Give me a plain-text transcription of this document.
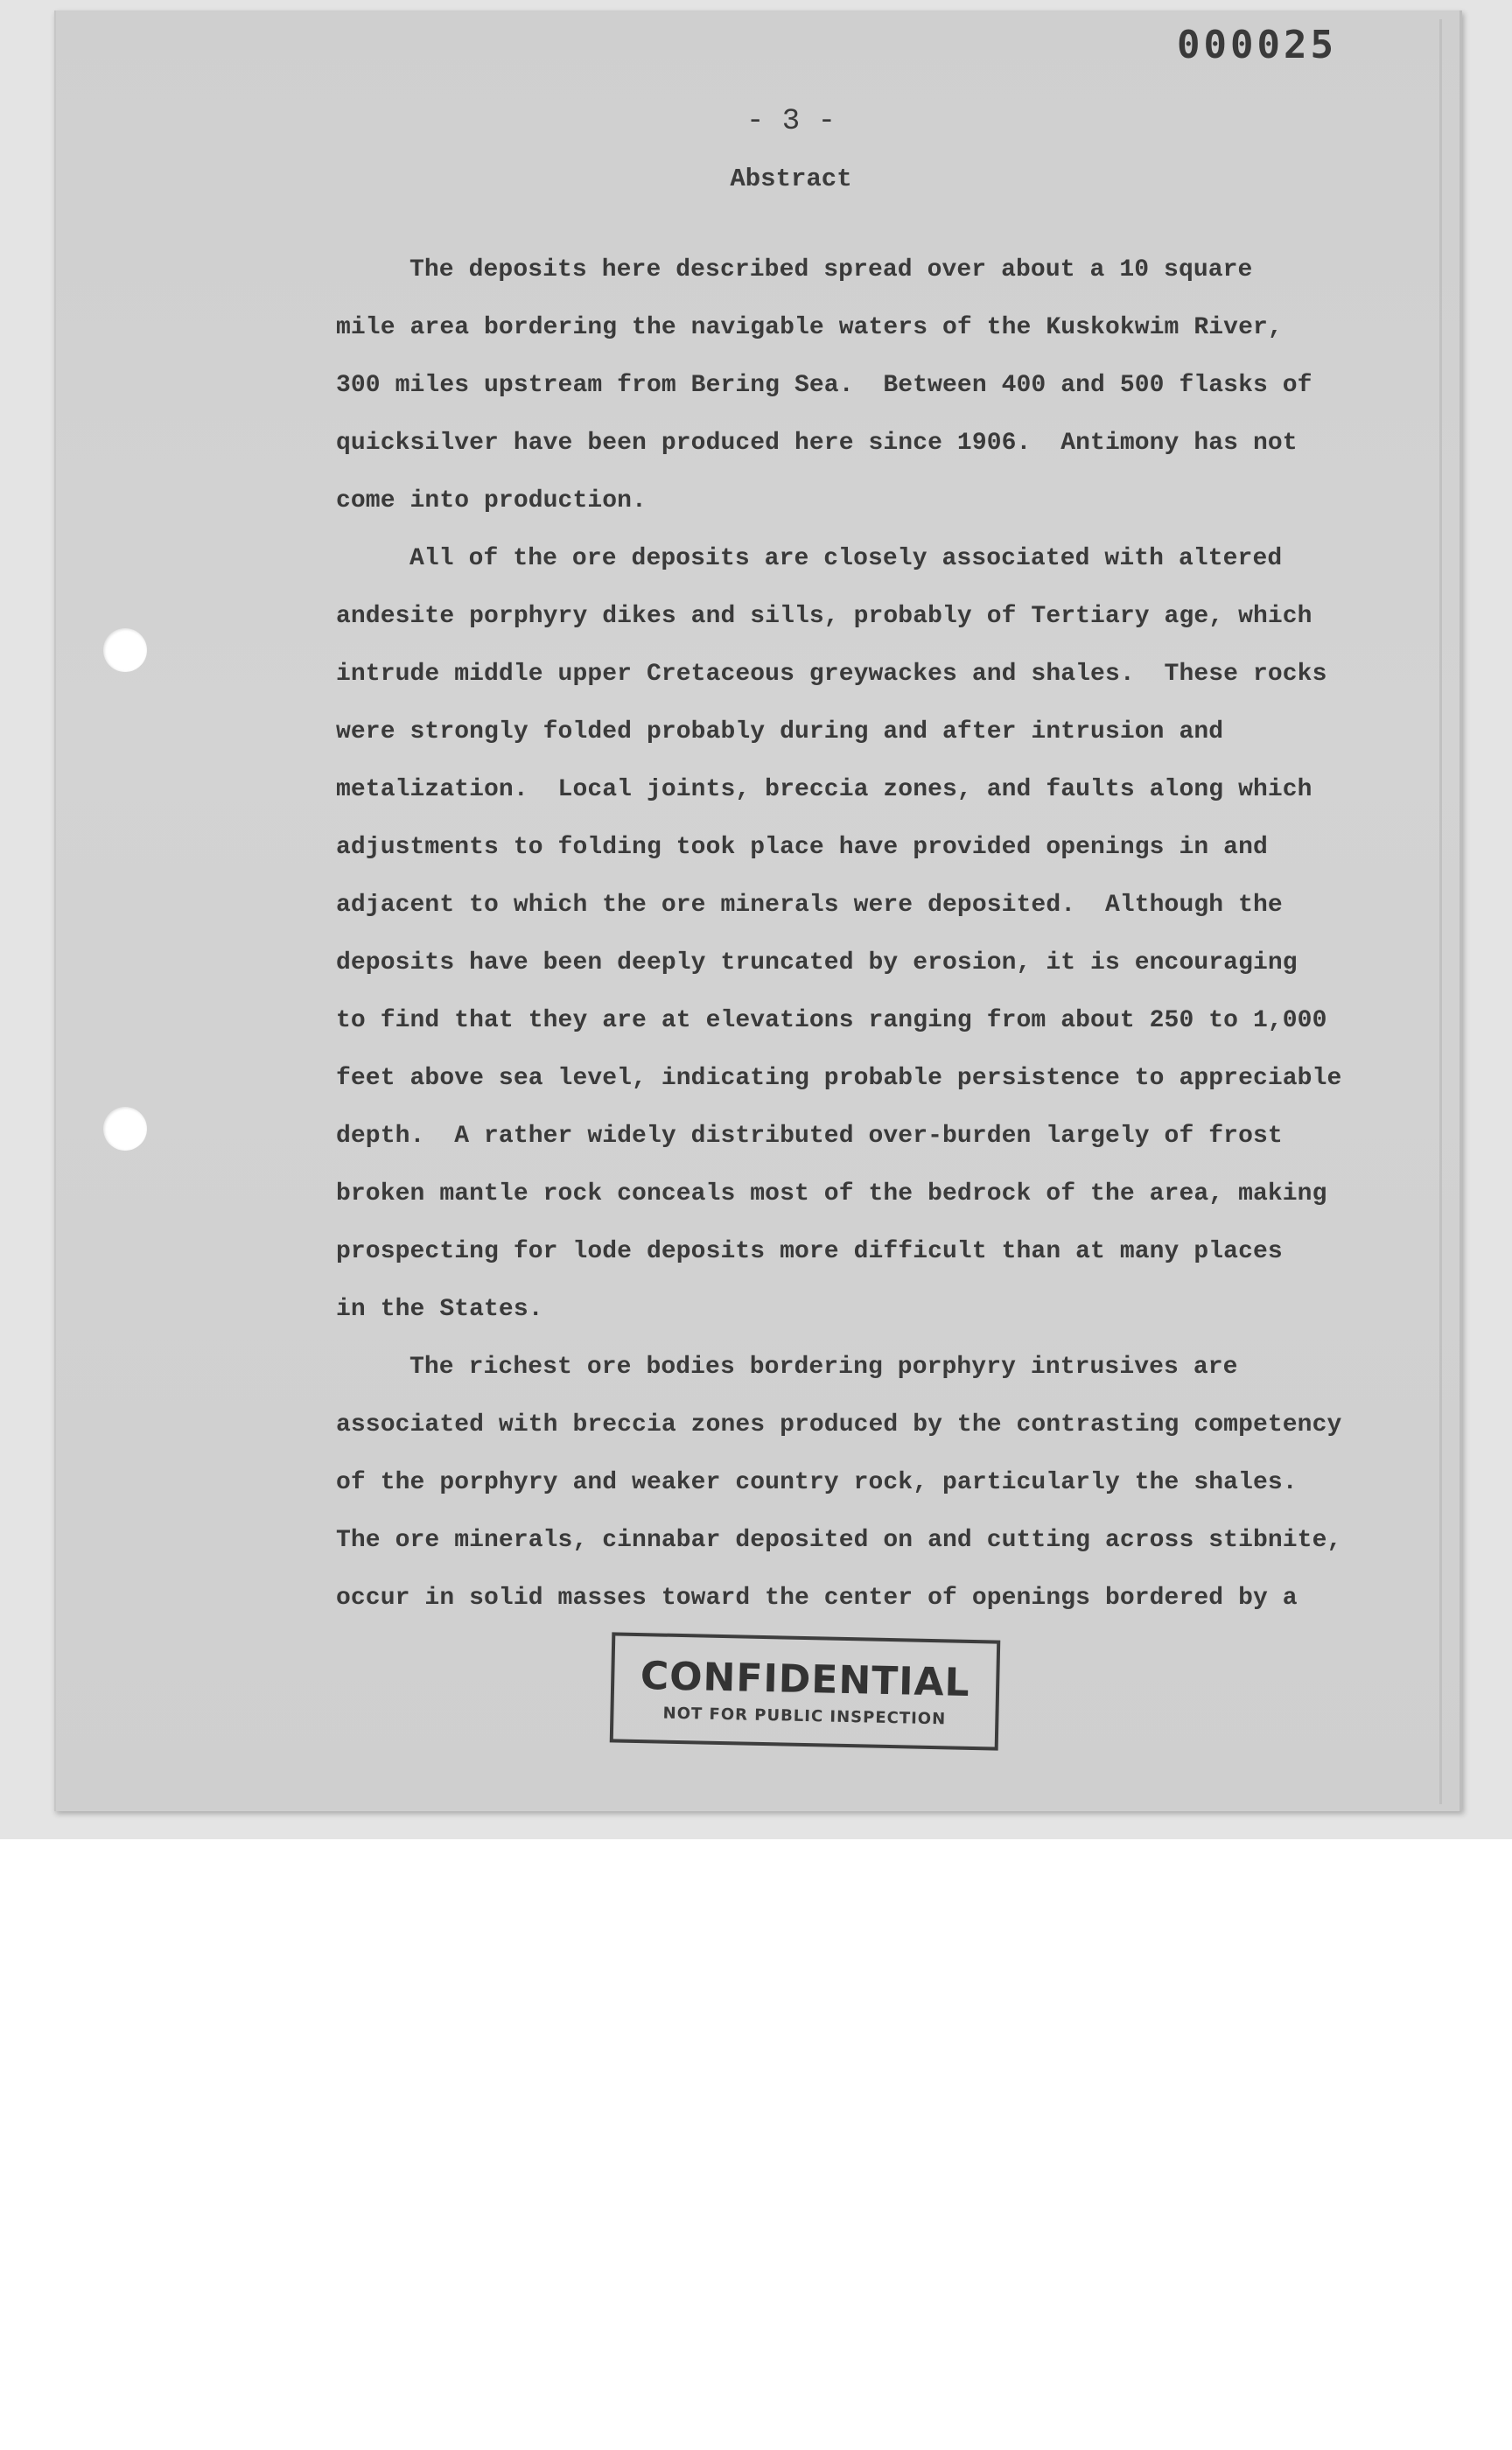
000025
- 3 -
Abstract

The deposits here described spread over about a 10 square
mile area bordering the navigable waters of the Kuskokwim River,
300 miles upstream from Bering Sea.  Between 400 and 500 flasks of
quicksilver have been produced here since 1906.  Antimony has not
come into production.

All of the ore deposits are closely associated with altered
andesite porphyry dikes and sills, probably of Tertiary age, which
intrude middle upper Cretaceous greywackes and shales.  These rocks
were strongly folded probably during and after intrusion and
metalization.  Local joints, breccia zones, and faults along which
adjustments to folding took place have provided openings in and
adjacent to which the ore minerals were deposited.  Although the
deposits have been deeply truncated by erosion, it is encouraging
to find that they are at elevations ranging from about 250 to 1,000
feet above sea level, indicating probable persistence to appreciable
depth.  A rather widely distributed over-burden largely of frost
broken mantle rock conceals most of the bedrock of the area, making
prospecting for lode deposits more difficult than at many places
in the States.

The richest ore bodies bordering porphyry intrusives are
associated with breccia zones produced by the contrasting competency
of the porphyry and weaker country rock, particularly the shales.
The ore minerals, cinnabar deposited on and cutting across stibnite,
occur in solid masses toward the center of openings bordered by a

CONFIDENTIAL
NOT FOR PUBLIC INSPECTION
